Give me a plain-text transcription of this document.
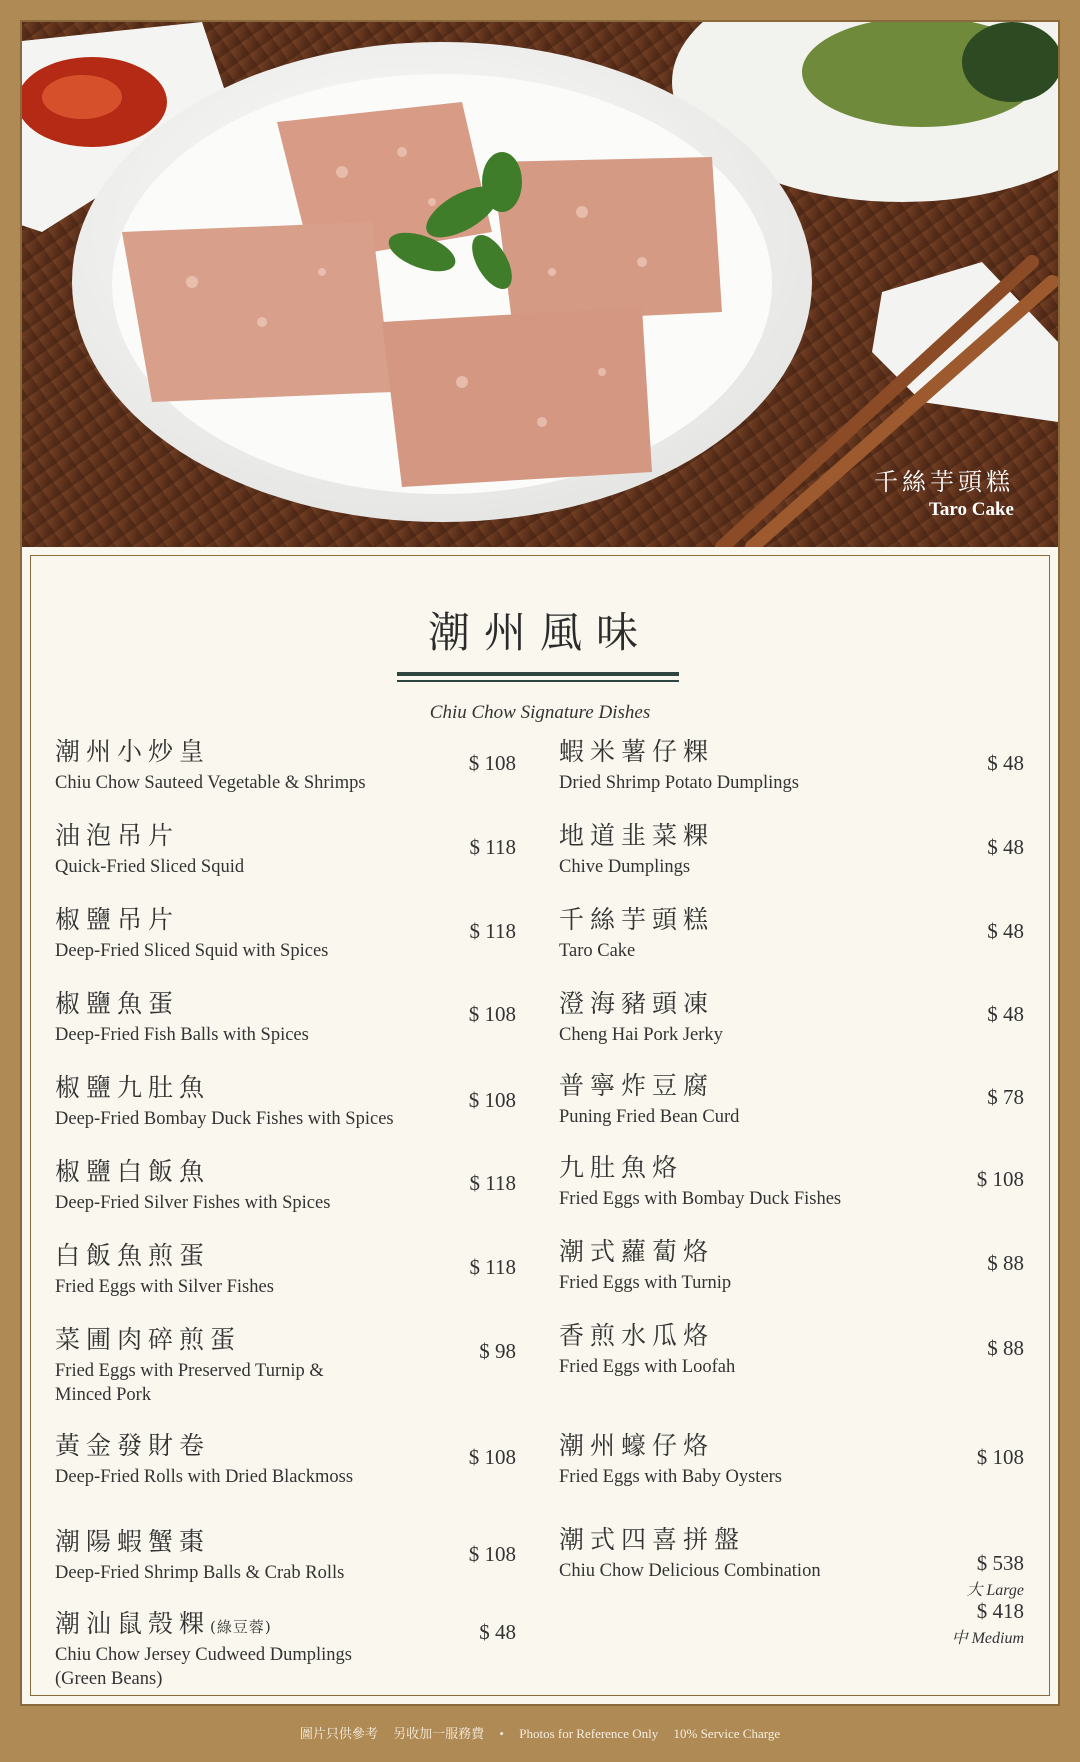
千絲芋頭糕
Taro Cake
潮州風味
Chiu Chow Signature Dishes
潮州小炒皇
Chiu Chow Sauteed Vegetable & Shrimps
$ 108
油泡吊片
Quick-Fried Sliced Squid
$ 118
椒鹽吊片
Deep-Fried Sliced Squid with Spices
$ 118
椒鹽魚蛋
Deep-Fried Fish Balls with Spices
$ 108
椒鹽九肚魚
Deep-Fried Bombay Duck Fishes with Spices
$ 108
椒鹽白飯魚
Deep-Fried Silver Fishes with Spices
$ 118
白飯魚煎蛋
Fried Eggs with Silver Fishes
$ 118
菜圃肉碎煎蛋
Fried Eggs with Preserved Turnip &
Minced Pork
$ 98
黃金發財卷
Deep-Fried Rolls with Dried Blackmoss
$ 108
潮陽蝦蟹棗
Deep-Fried Shrimp Balls & Crab Rolls
$ 108
潮汕鼠殼粿(綠豆蓉)
Chiu Chow Jersey Cudweed Dumplings
(Green Beans)
$ 48
蝦米薯仔粿
Dried Shrimp Potato Dumplings
$ 48
地道韭菜粿
Chive Dumplings
$ 48
千絲芋頭糕
Taro Cake
$ 48
澄海豬頭凍
Cheng Hai Pork Jerky
$ 48
普寧炸豆腐
Puning Fried Bean Curd
$ 78
九肚魚烙
Fried Eggs with Bombay Duck Fishes
$ 108
潮式蘿蔔烙
Fried Eggs with Turnip
$ 88
香煎水瓜烙
Fried Eggs with Loofah
$ 88
潮州蠔仔烙
Fried Eggs with Baby Oysters
$ 108
潮式四喜拼盤
Chiu Chow Delicious Combination	$ 538
大 Large
$ 418
中 Medium
圖片只供參考 另收加一服務費 • Photos for Reference Only 10% Service Charge
